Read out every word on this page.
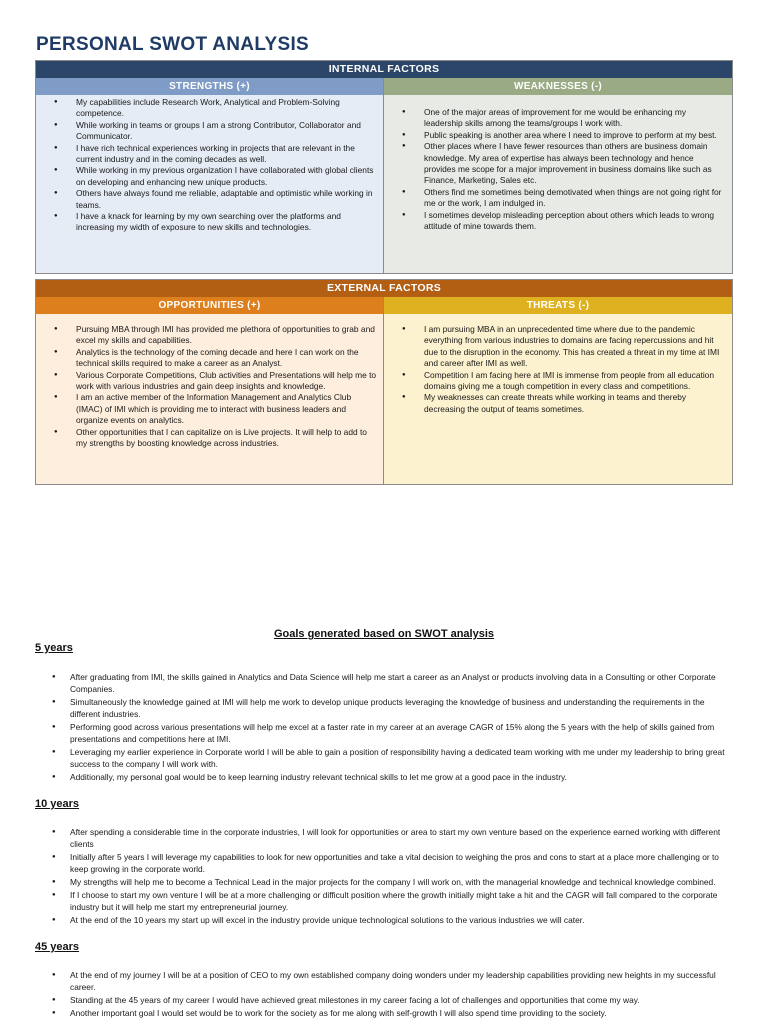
PERSONAL SWOT ANALYSIS
INTERNAL FACTORS
STRENGTHS (+)	WEAKNESSES (-)
● My capabilities include Research Work, Analytical and Problem-Solving competence.
● While working in teams or groups I am a strong Contributor, Collaborator and Communicator.
● I have rich technical experiences working in projects that are relevant in the current industry and in the coming decades as well.
● While working in my previous organization I have collaborated with global clients on developing and enhancing new unique products.
● Others have always found me reliable, adaptable and optimistic while working in teams.
● I have a knack for learning by my own searching over the platforms and increasing my width of exposure to new skills and technologies.
● One of the major areas of improvement for me would be enhancing my leadership skills among the teams/groups I work with.
● Public speaking is another area where I need to improve to perform at my best.
● Other places where I have fewer resources than others are business domain knowledge. My area of expertise has always been technology and hence provides me scope for a major improvement in business domains like such as Finance, Marketing, Sales etc.
● Others find me sometimes being demotivated when things are not going right for me or the work, I am indulged in.
● I sometimes develop misleading perception about others which leads to wrong attitude of mine towards them.
EXTERNAL FACTORS
OPPORTUNITIES (+)	THREATS (-)
● Pursuing MBA through IMI has provided me plethora of opportunities to grab and excel my skills and capabilities.
● Analytics is the technology of the coming decade and here I can work on the technical skills required to make a career as an Analyst.
● Various Corporate Competitions, Club activities and Presentations will help me to work with various industries and gain deep insights and knowledge.
● I am an active member of the Information Management and Analytics Club (IMAC) of IMI which is providing me to interact with business leaders and organize events on analytics.
● Other opportunities that I can capitalize on is Live projects. It will help to add to my strengths by boosting knowledge across industries.
● I am pursuing MBA in an unprecedented time where due to the pandemic everything from various industries to domains are facing repercussions and hit due to the disruption in the economy. This has created a threat in my time at IMI and career after IMI as well.
● Competition I am facing here at IMI is immense from people from all education domains giving me a tough competition in every class and competitions.
● My weaknesses can create threats while working in teams and thereby decreasing the output of teams sometimes.
Goals generated based on SWOT analysis
5 years
● After graduating from IMI, the skills gained in Analytics and Data Science will help me start a career as an Analyst or products involving data in a Consulting or other Corporate Companies.
● Simultaneously the knowledge gained at IMI will help me work to develop unique products leveraging the knowledge of business and understanding the requirements in the different industries.
● Performing good across various presentations will help me excel at a faster rate in my career at an average CAGR of 15% along the 5 years with the help of skills gained from presentations and competitions here at IMI.
● Leveraging my earlier experience in Corporate world I will be able to gain a position of responsibility having a dedicated team working with me under my leadership to bring great success to the company I will work with.
● Additionally, my personal goal would be to keep learning industry relevant technical skills to let me grow at a good pace in the industry.
10 years
● After spending a considerable time in the corporate industries, I will look for opportunities or area to start my own venture based on the experience earned working with different clients
● Initially after 5 years I will leverage my capabilities to look for new opportunities and take a vital decision to weighing the pros and cons to start at a place more challenging or to keep growing in the corporate world.
● My strengths will help me to become a Technical Lead in the major projects for the company I will work on, with the managerial knowledge and technical knowledge combined.
● If I choose to start my own venture I will be at a more challenging or difficult position where the growth initially might take a hit and the CAGR will fall compared to the corporate industry but it will help me start my entrepreneurial journey.
● At the end of the 10 years my start up will excel in the industry provide unique technological solutions to the various industries we will cater.
45 years
● At the end of my journey I will be at a position of CEO to my own established company doing wonders under my leadership capabilities providing new heights in my successful career.
● Standing at the 45 years of my career I would have achieved great milestones in my career facing a lot of challenges and opportunities that come my way.
● Another important goal I would set would be to work for the society as for me along with self-growth I will also spend time providing to the society.
